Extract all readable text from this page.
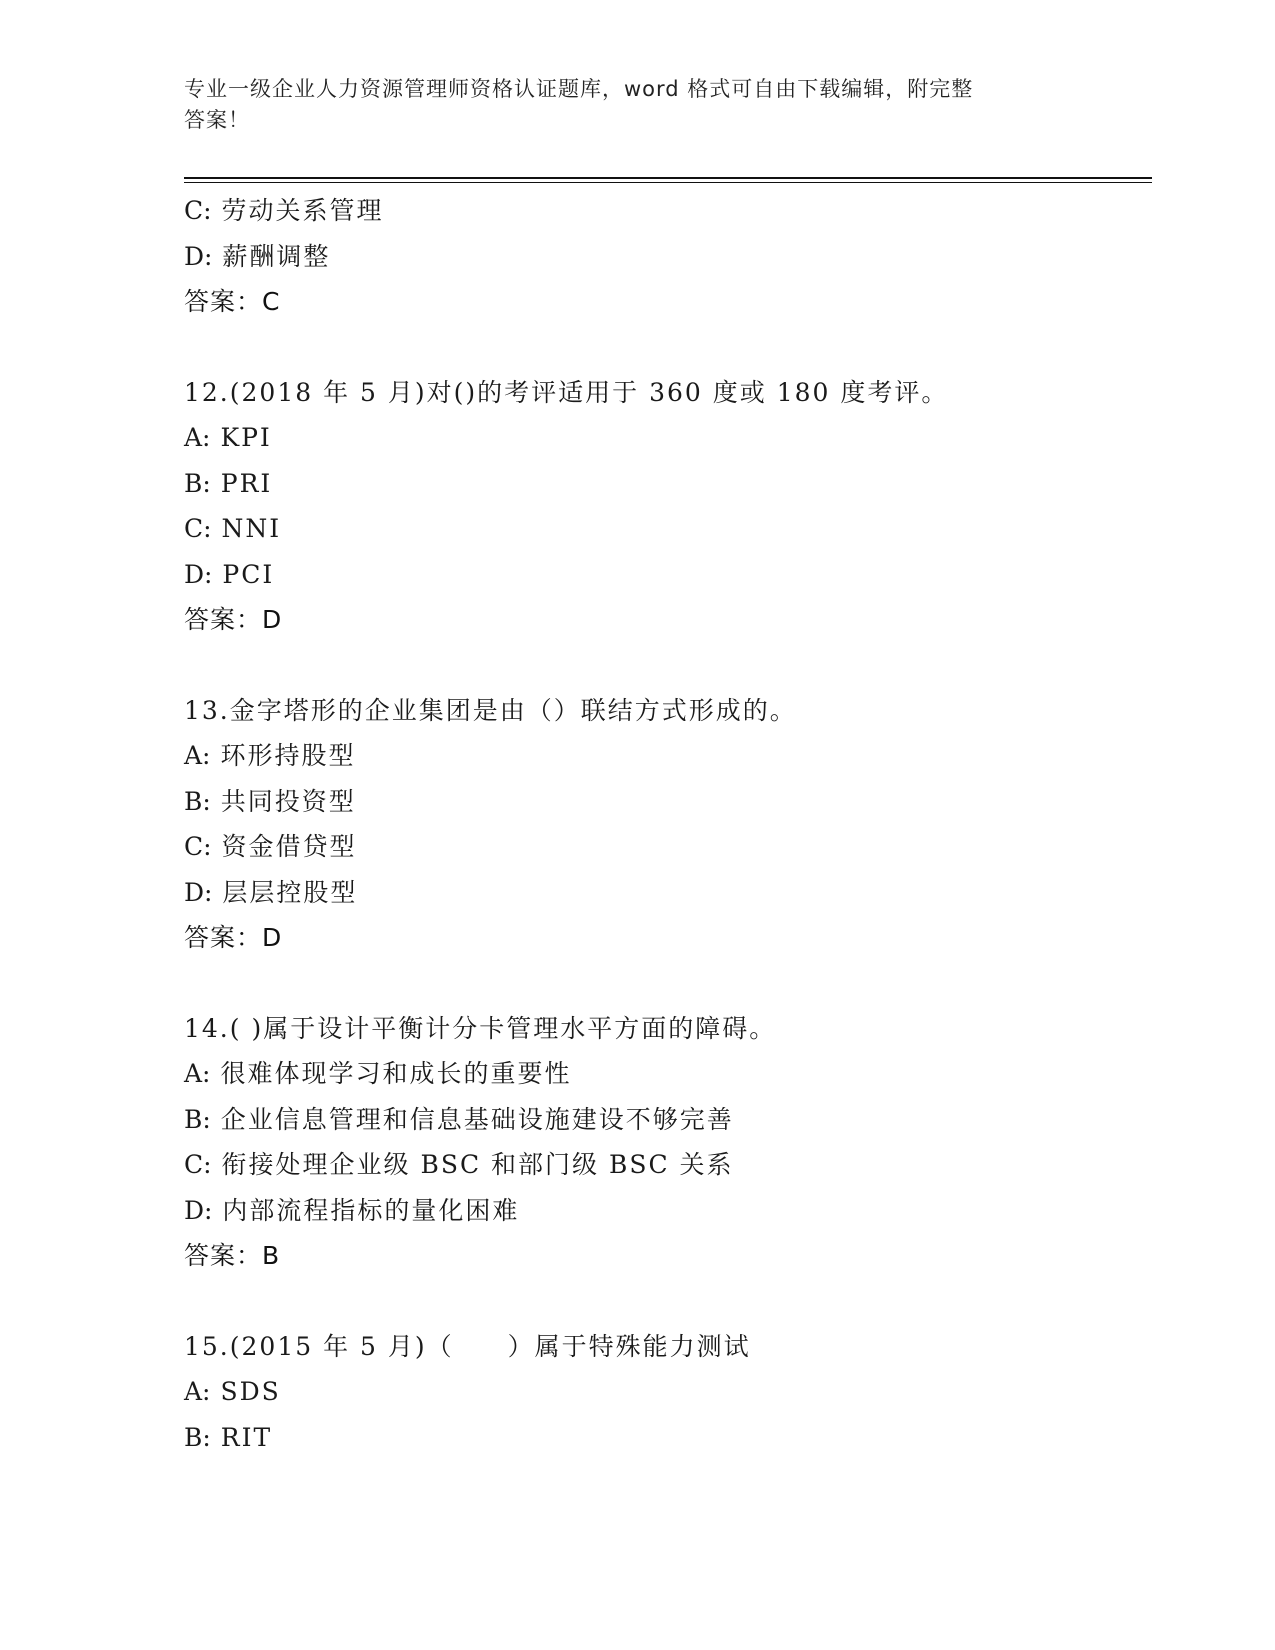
专业一级企业人力资源管理师资格认证题库，word 格式可自由下载编辑，附完整
答案！
C: 劳动关系管理
D: 薪酬调整
答案：C
12.(2018 年 5 月)对()的考评适用于 360 度或 180 度考评。
A: KPI
B: PRI
C: NNI
D: PCI
答案：D
13.金字塔形的企业集团是由（）联结方式形成的。
A: 环形持股型
B: 共同投资型
C: 资金借贷型
D: 层层控股型
答案：D
14.( )属于设计平衡计分卡管理水平方面的障碍。
A: 很难体现学习和成长的重要性
B: 企业信息管理和信息基础设施建设不够完善
C: 衔接处理企业级 BSC 和部门级 BSC 关系
D: 内部流程指标的量化困难
答案：B
15.(2015 年 5 月)（　　）属于特殊能力测试
A: SDS
B: RIT
